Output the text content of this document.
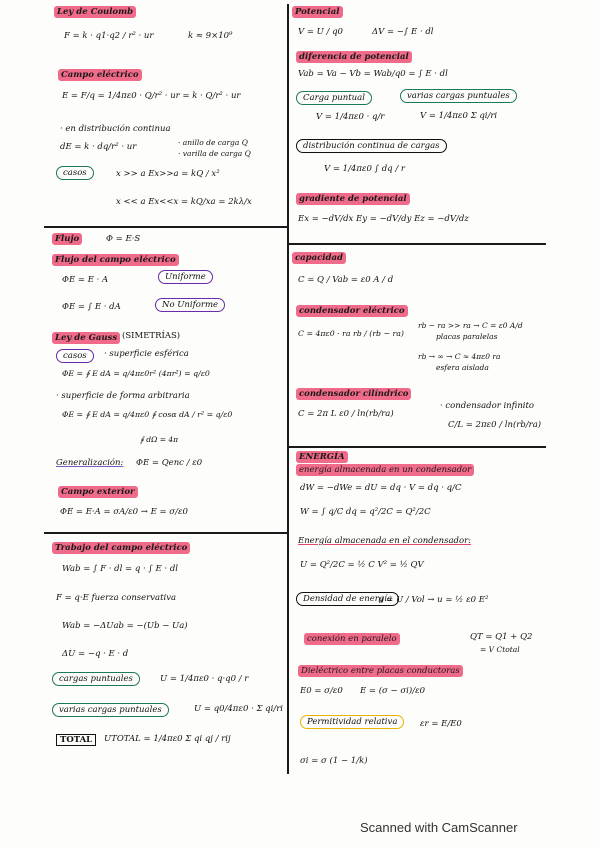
Ley de Coulomb
F = k · q1·q2 / r² · ur	k ≈ 9×10⁹
Campo eléctrico
E = F/q = 1/4πε0 · Q/r² · ur = k · Q/r² · ur
· en distribución continua
dE = k · dq/r² · ur	· anillo de carga Q
· varilla de carga Q
casos	x >> a Ex>>a = kQ / x²
x << a Ex<<x = kQ/xa = 2kλ/x
Flujo	Φ = E·S
Flujo del campo eléctrico
ΦE = E · A	Uniforme
ΦE = ∫ E · dA	No Uniforme
Ley de Gauss (SIMETRÍAS)
casos	· superficie esférica
ΦE = ∮ E dA = q/4πε0r² (4πr²) = q/ε0
· superficie de forma arbitraria
ΦE = ∮ E dA = q/4πε0 ∮ cosα dA / r² = q/ε0
∮ dΩ = 4π
Generalización: ΦE = Qenc / ε0
Campo exterior
ΦE = E·A = σA/ε0 → E = σ/ε0
Trabajo del campo eléctrico
Wab = ∫ F · dl = q · ∫ E · dl
F = q·E fuerza conservativa
Wab = −ΔUab = −(Ub − Ua)
ΔU = −q · E · d
cargas puntuales	U = 1/4πε0 · q·q0 / r
varias cargas puntuales	U = q0/4πε0 · Σ qi/ri
TOTAL	UTOTAL = 1/4πε0 Σ qi qj / rij
Potencial
V = U / q0	ΔV = −∫ E · dl
diferencia de potencial
Vab = Va − Vb = Wab/q0 = ∫ E · dl
Carga puntual	varias cargas puntuales
V = 1/4πε0 · q/r	V = 1/4πε0 Σ qi/ri
distribución continua de cargas
V = 1/4πε0 ∫ dq / r
gradiente de potencial
Ex = −dV/dx Ey = −dV/dy Ez = −dV/dz
capacidad
C = Q / Vab = ε0 A / d
condensador eléctrico
C = 4πε0 · ra rb / (rb − ra)
rb − ra >> ra → C = ε0 A/d
placas paralelas
rb → ∞ → C ≈ 4πε0 ra
esfera aislada
condensador cilíndrico
C = 2π L ε0 / ln(rb/ra)
· condensador infinito
C/L = 2πε0 / ln(rb/ra)
ENERGÍA
energía almacenada en un condensador
dW = −dWe = dU = dq · V = dq · q/C
W = ∫ q/C dq = q²/2C = Q²/2C
Energía almacenada en el condensador:
U = Q²/2C = ½ C V² = ½ QV
Densidad de energía
u = U / Vol → u = ½ ε0 E²
conexión en paralelo	QT = Q1 + Q2
= V Ctotal
Dieléctrico entre placas conductoras
E0 = σ/ε0 E = (σ − σi)/ε0
Permitividad relativa	εr = E/E0
σi = σ (1 − 1/k)
Scanned with CamScanner
